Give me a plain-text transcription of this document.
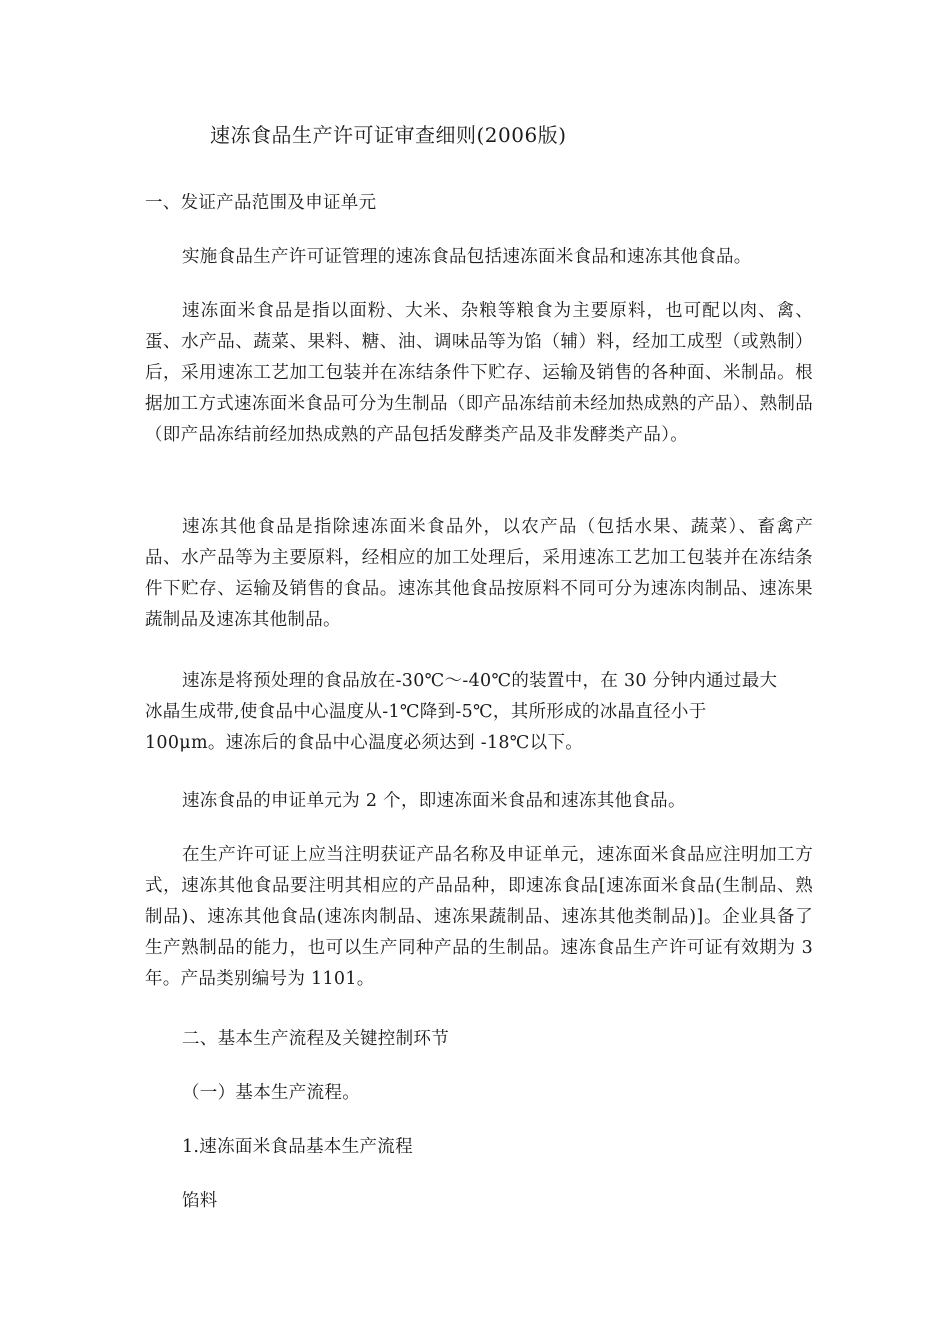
速冻食品生产许可证审查细则(2006版)
一、发证产品范围及申证单元
实施食品生产许可证管理的速冻食品包括速冻面米食品和速冻其他食品。
速冻面米食品是指以面粉、大米、杂粮等粮食为主要原料，也可配以肉、禽、蛋、水产品、蔬菜、果料、糖、油、调味品等为馅（辅）料，经加工成型（或熟制）后，采用速冻工艺加工包装并在冻结条件下贮存、运输及销售的各种面、米制品。根据加工方式速冻面米食品可分为生制品（即产品冻结前未经加热成熟的产品）、熟制品（即产品冻结前经加热成熟的产品包括发酵类产品及非发酵类产品）。
速冻其他食品是指除速冻面米食品外，以农产品（包括水果、蔬菜）、畜禽产品、水产品等为主要原料，经相应的加工处理后，采用速冻工艺加工包装并在冻结条件下贮存、运输及销售的食品。速冻其他食品按原料不同可分为速冻肉制品、速冻果蔬制品及速冻其他制品。
速冻是将预处理的食品放在-30℃～-40℃的装置中，在 30 分钟内通过最大
冰晶生成带,使食品中心温度从-1℃降到-5℃，其所形成的冰晶直径小于
100μm。速冻后的食品中心温度必须达到 -18℃以下。
速冻食品的申证单元为 2 个，即速冻面米食品和速冻其他食品。
在生产许可证上应当注明获证产品名称及申证单元，速冻面米食品应注明加工方式，速冻其他食品要注明其相应的产品品种，即速冻食品[速冻面米食品(生制品、熟制品)、速冻其他食品(速冻肉制品、速冻果蔬制品、速冻其他类制品)]。企业具备了生产熟制品的能力，也可以生产同种产品的生制品。速冻食品生产许可证有效期为 3 年。产品类别编号为 1101。
二、基本生产流程及关键控制环节
（一）基本生产流程。
1.速冻面米食品基本生产流程
馅料
